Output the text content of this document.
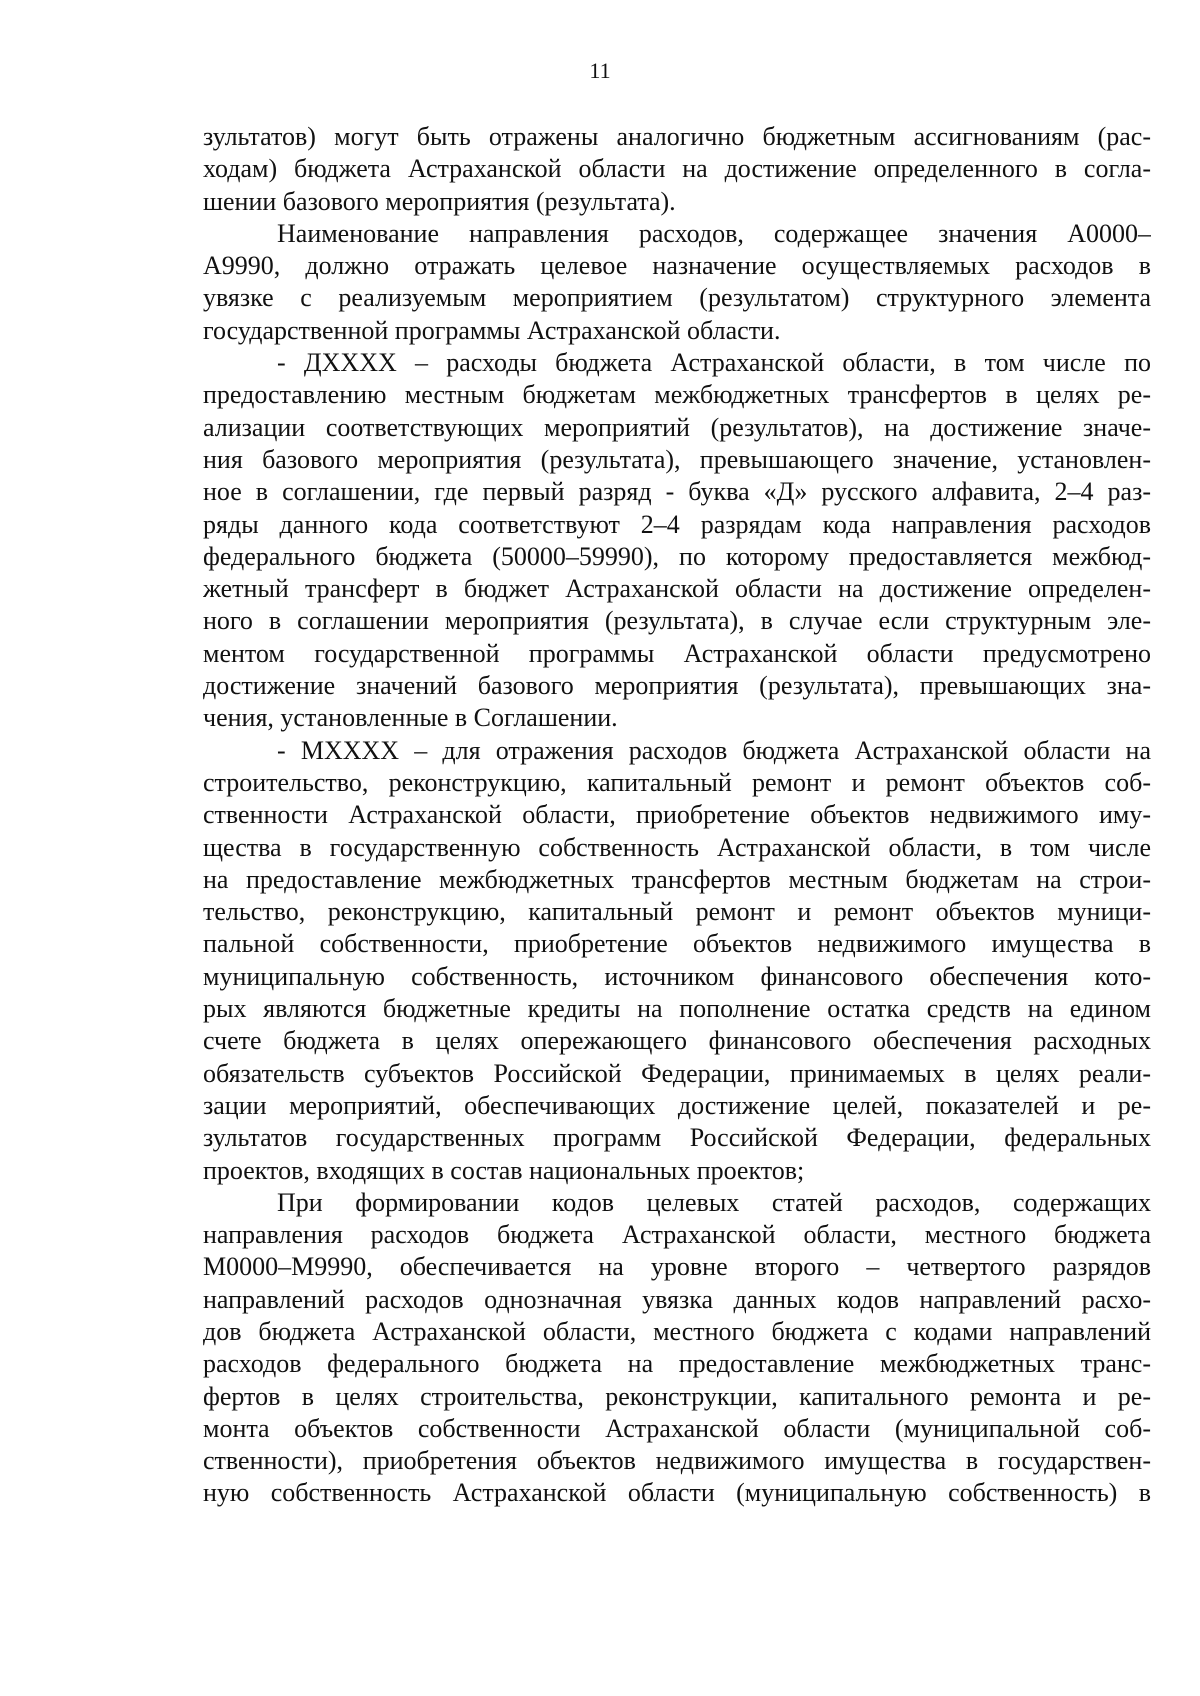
11

зультатов) могут быть отражены аналогично бюджетным ассигнованиям (рас-
ходам) бюджета Астраханской области на достижение определенного в согла-
шении базового мероприятия (результата).

Наименование направления расходов, содержащее значения А0000–
А9990, должно отражать целевое назначение осуществляемых расходов в
увязке с реализуемым мероприятием (результатом) структурного элемента
государственной программы Астраханской области.

- ДХХХХ – расходы бюджета Астраханской области, в том числе по
предоставлению местным бюджетам межбюджетных трансфертов в целях ре-
ализации соответствующих мероприятий (результатов), на достижение значе-
ния базового мероприятия (результата), превышающего значение, установлен-
ное в соглашении, где первый разряд - буква «Д» русского алфавита, 2–4 раз-
ряды данного кода соответствуют 2–4 разрядам кода направления расходов
федерального бюджета (50000–59990), по которому предоставляется межбюд-
жетный трансферт в бюджет Астраханской области на достижение определен-
ного в соглашении мероприятия (результата), в случае если структурным эле-
ментом государственной программы Астраханской области предусмотрено
достижение значений базового мероприятия (результата), превышающих зна-
чения, установленные в Соглашении.

- МХХХХ – для отражения расходов бюджета Астраханской области на
строительство, реконструкцию, капитальный ремонт и ремонт объектов соб-
ственности Астраханской области, приобретение объектов недвижимого иму-
щества в государственную собственность Астраханской области, в том числе
на предоставление межбюджетных трансфертов местным бюджетам на строи-
тельство, реконструкцию, капитальный ремонт и ремонт объектов муници-
пальной собственности, приобретение объектов недвижимого имущества в
муниципальную собственность, источником финансового обеспечения кото-
рых являются бюджетные кредиты на пополнение остатка средств на едином
счете бюджета в целях опережающего финансового обеспечения расходных
обязательств субъектов Российской Федерации, принимаемых в целях реали-
зации мероприятий, обеспечивающих достижение целей, показателей и ре-
зультатов государственных программ Российской Федерации, федеральных
проектов, входящих в состав национальных проектов;

При формировании кодов целевых статей расходов, содержащих
направления расходов бюджета Астраханской области, местного бюджета
М0000–М9990, обеспечивается на уровне второго – четвертого разрядов
направлений расходов однозначная увязка данных кодов направлений расхо-
дов бюджета Астраханской области, местного бюджета с кодами направлений
расходов федерального бюджета на предоставление межбюджетных транс-
фертов в целях строительства, реконструкции, капитального ремонта и ре-
монта объектов собственности Астраханской области (муниципальной соб-
ственности), приобретения объектов недвижимого имущества в государствен-
ную собственность Астраханской области (муниципальную собственность) в
